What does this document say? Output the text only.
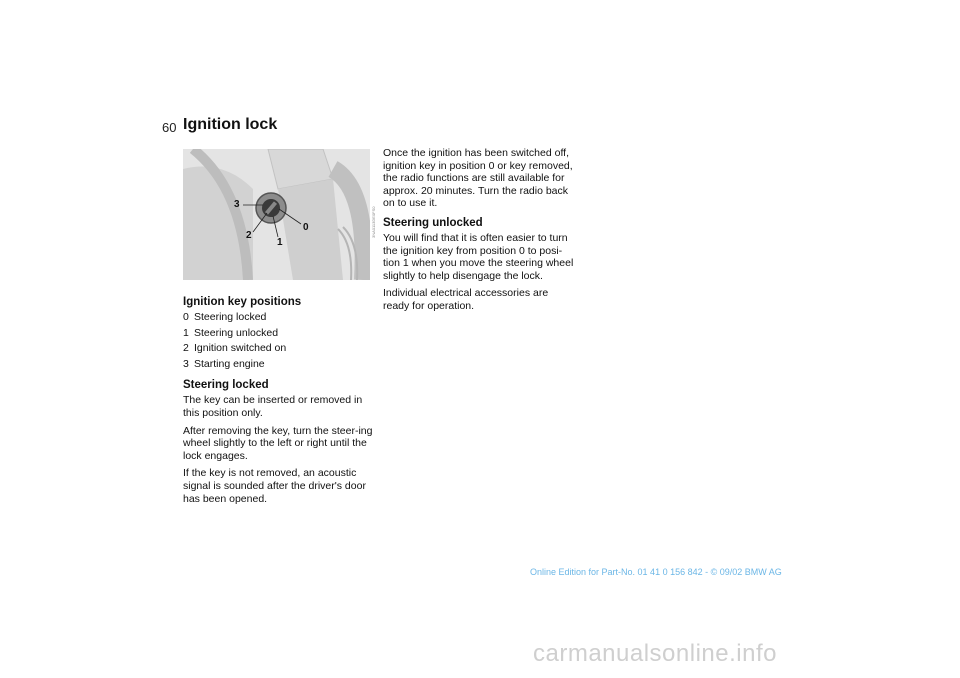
60 Ignition lock
3
2
1
0	3NA0113DE0FS0
Ignition key positions
0 Steering locked
1 Steering unlocked
2 Ignition switched on
3 Starting engine
Steering locked

The key can be inserted or removed in this position only.

After removing the key, turn the steer-ing wheel slightly to the left or right until the lock engages.

If the key is not removed, an acoustic signal is sounded after the driver's door has been opened.

Once the ignition has been switched off, ignition key in position 0 or key removed, the radio functions are still available for approx. 20 minutes. Turn the radio back on to use it.

Steering unlocked

You will find that it is often easier to turn the ignition key from position 0 to posi-tion 1 when you move the steering wheel slightly to help disengage the lock.

Individual electrical accessories are ready for operation.

Online Edition for Part-No. 01 41 0 156 842 - © 09/02 BMW AG
carmanualsonline.info
